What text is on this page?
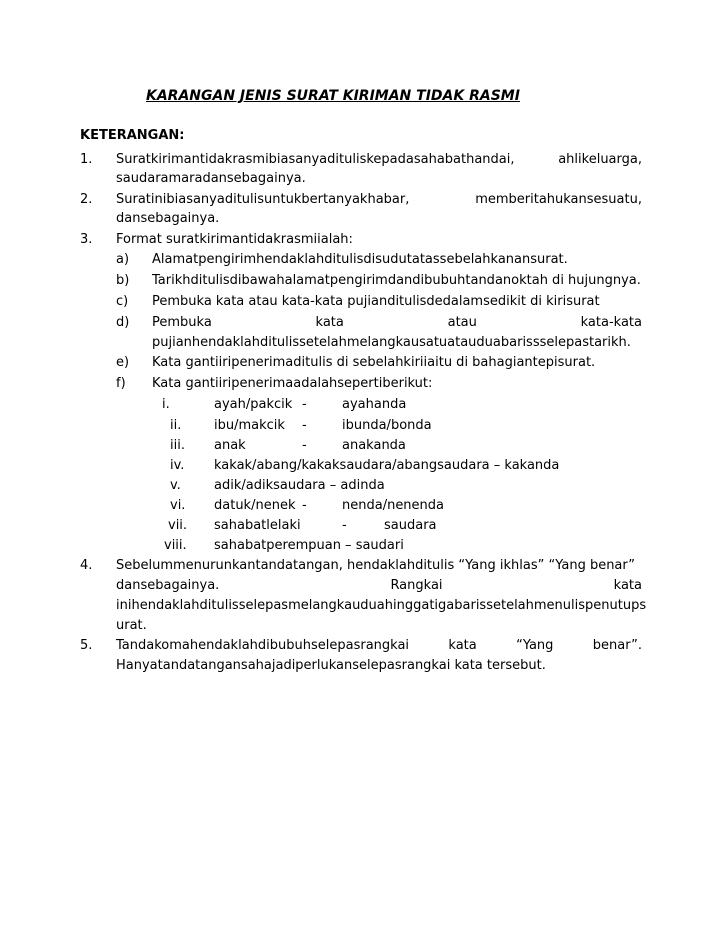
KARANGAN JENIS SURAT KIRIMAN TIDAK RASMI
KETERANGAN:
1. Suratkirimantidakrasmibiasanyadituliskepadasahabathandai,	ahlikeluarga,
saudaramaradansebagainya.
2. Suratinibiasanyaditulisuntukbertanyakhabar,	memberitahukansesuatu,
dansebagainya.
3. Format suratkirimantidakrasmiialah:
a) Alamatpengirimhendaklahditulisdisudutatassebelahkanansurat.
b) Tarikhditulisdibawahalamatpengirimdandibubuhtandanoktah di hujungnya.
c) Pembuka kata atau kata-kata pujianditulisdedalamsedikit di kirisurat
d) Pembuka	kata	atau	kata-kata
pujianhendaklahditulissetelahmelangkausatuatauduabarissselepastarikh.
e) Kata gantiiripenerimaditulis di sebelahkiriiaitu di bahagiantepisurat.
f) Kata gantiiripenerimaadalahsepertiberikut:
i.	ayah/pakcik -	ayahanda
ii.	ibu/makcik -	ibunda/bonda
iii. anak	-	anakanda
iv. kakak/abang/kakaksaudara/abangsaudara – kakanda
v.	adik/adiksaudara – adinda
vi. datuk/nenek -	nenda/nenenda
vii. sahabatlelaki	-	saudara
viii. sahabatperempuan – saudari
4. Sebelummenurunkantandatangan, hendaklahditulis “Yang ikhlas” “Yang benar”
dansebagainya.	Rangkai	kata
inihendaklahditulisselepasmelangkauduahinggatigabarissetelahmenulispenutups
urat.
5. Tandakomahendaklahdibubuhselepasrangkai	kata	“Yang	benar”.
Hanyatandatangansahajadiperlukanselepasrangkai kata tersebut.
